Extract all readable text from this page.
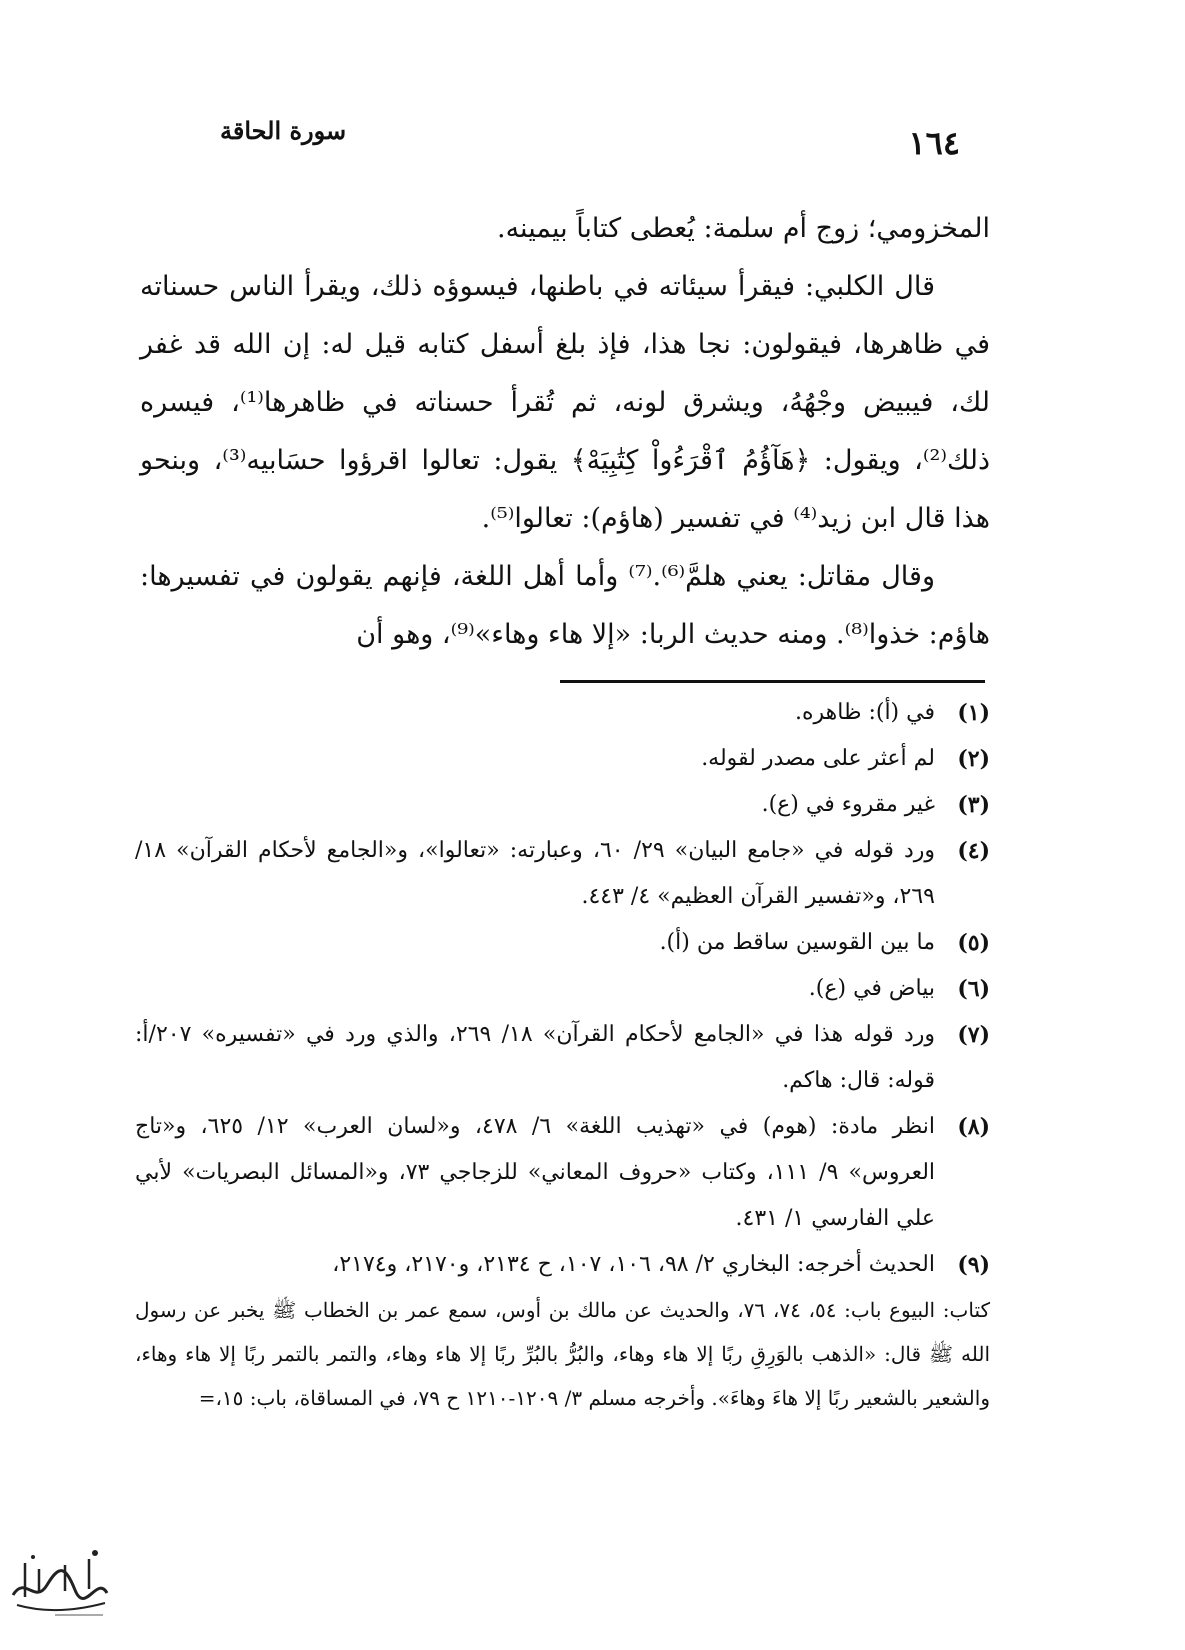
١٦٤
سورة الحاقة

المخزومي؛ زوج أم سلمة: يُعطى كتاباً بيمينه.

قال الكلبي: فيقرأ سيئاته في باطنها، فيسوؤه ذلك، ويقرأ الناس حسناته في ظاهرها، فيقولون: نجا هذا، فإذ بلغ أسفل كتابه قيل له: إن الله قد غفر لك، فيبيض وجْهُهُ، ويشرق لونه، ثم تُقرأ حسناته في ظاهرها⁽¹⁾، فيسره ذلك⁽²⁾، ويقول: ﴿هَآؤُمُ ٱقْرَءُواْ كِتَٰبِيَهْ﴾ يقول: تعالوا اقرؤوا حسَابيه⁽³⁾، وبنحو هذا قال ابن زيد⁽⁴⁾ في تفسير (هاؤم): تعالوا⁽⁵⁾.

وقال مقاتل: يعني هلمَّ⁽⁶⁾.⁽⁷⁾ وأما أهل اللغة، فإنهم يقولون في تفسيرها: هاؤم: خذوا⁽⁸⁾. ومنه حديث الربا: «إلا هاء وهاء»⁽⁹⁾، وهو أن

(١)
في (أ): ظاهره.
(٢)
لم أعثر على مصدر لقوله.
(٣)
غير مقروء في (ع).
(٤)
ورد قوله في «جامع البيان» ٢٩/ ٦٠، وعبارته: «تعالوا»، و«الجامع لأحكام القرآن» ١٨/ ٢٦٩، و«تفسير القرآن العظيم» ٤/ ٤٤٣.
(٥)
ما بين القوسين ساقط من (أ).
(٦)
بياض في (ع).
(٧)
ورد قوله هذا في «الجامع لأحكام القرآن» ١٨/ ٢٦٩، والذي ورد في «تفسيره» ٢٠٧/أ: قوله: قال: هاكم.
(٨)
انظر مادة: (هوم) في «تهذيب اللغة» ٦/ ٤٧٨، و«لسان العرب» ١٢/ ٦٢٥، و«تاج العروس» ٩/ ١١١، وكتاب «حروف المعاني» للزجاجي ٧٣، و«المسائل البصريات» لأبي علي الفارسي ١/ ٤٣١.
(٩)
الحديث أخرجه: البخاري ٢/ ٩٨، ١٠٦، ١٠٧، ح ٢١٣٤، و٢١٧٠، و٢١٧٤،
كتاب: البيوع باب: ٥٤، ٧٤، ٧٦، والحديث عن مالك بن أوس، سمع عمر بن الخطاب ﷺ يخبر عن رسول الله ﷺ قال: «الذهب بالوَرِقِ ربًا إلا هاء وهاء، والبُرُّ بالبُرِّ ربًا إلا هاء وهاء، والتمر بالتمر ربًا إلا هاء وهاء، والشعير بالشعير ربًا إلا هاءَ وهاءَ». وأخرجه مسلم ٣/ ١٢٠٩-١٢١٠ ح ٧٩، في المساقاة، باب: ١٥،=
